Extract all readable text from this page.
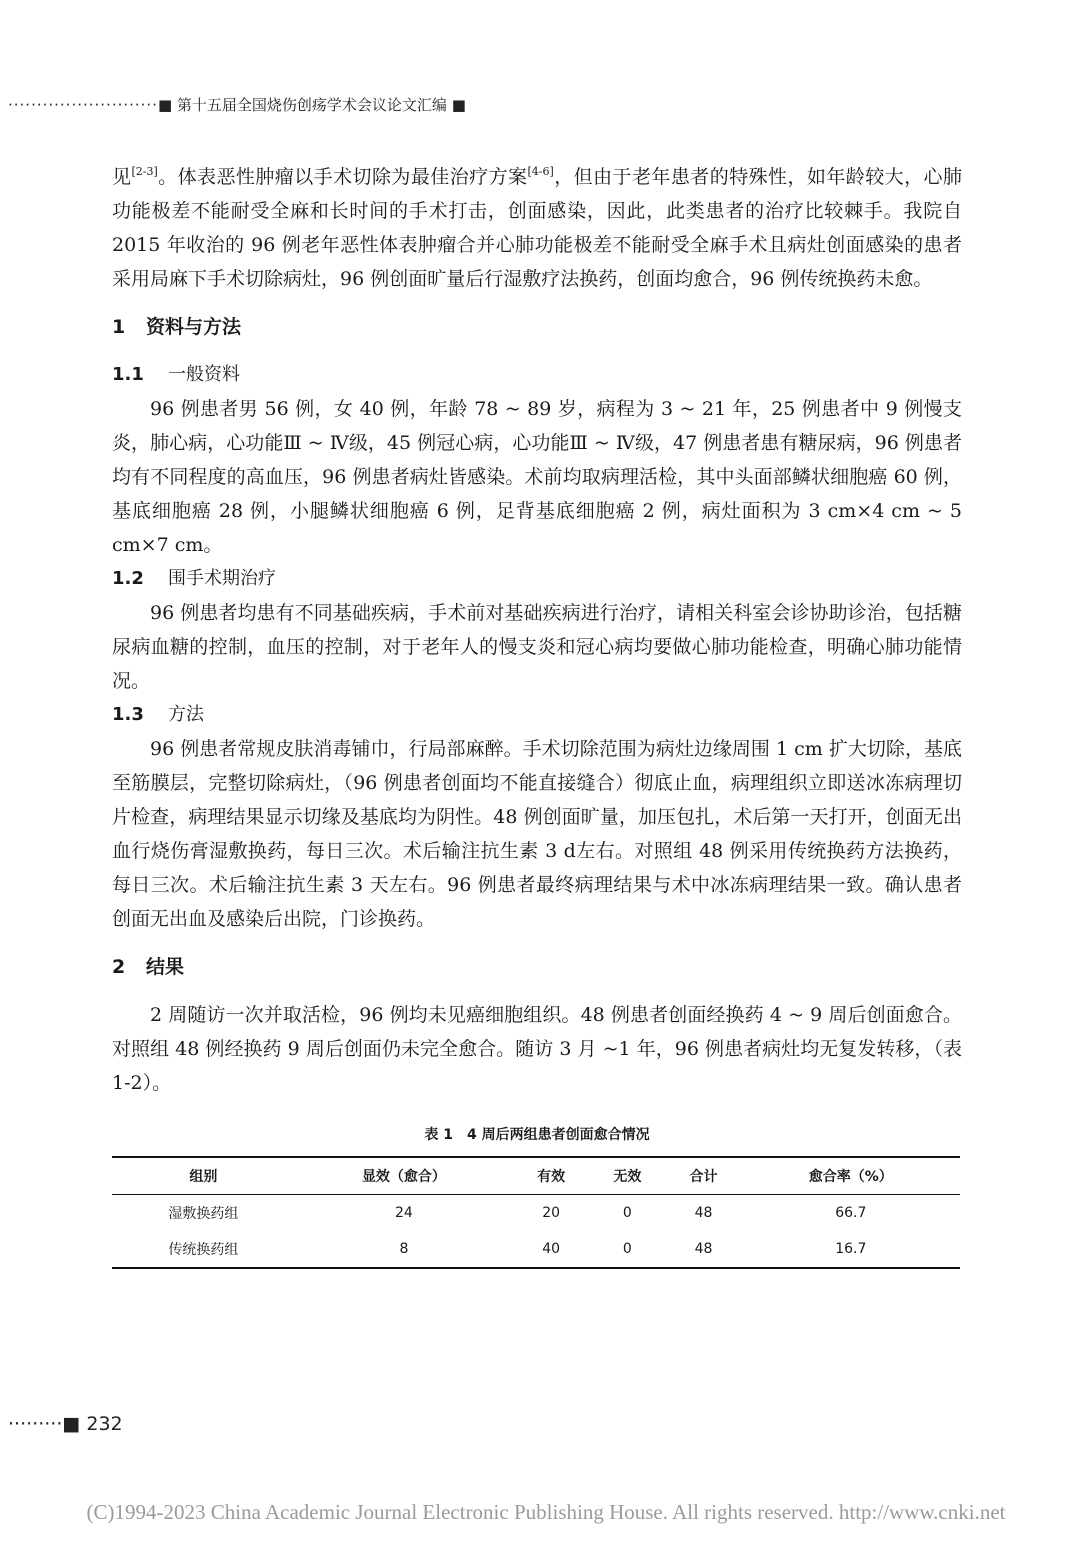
··························■ 第十五届全国烧伤创疡学术会议论文汇编 ■

见[2-3]。体表恶性肿瘤以手术切除为最佳治疗方案[4-6]，但由于老年患者的特殊性，如年龄较大，心肺功能极差不能耐受全麻和长时间的手术打击，创面感染，因此，此类患者的治疗比较棘手。我院自 2015 年收治的 96 例老年恶性体表肿瘤合并心肺功能极差不能耐受全麻手术且病灶创面感染的患者采用局麻下手术切除病灶，96 例创面旷量后行湿敷疗法换药，创面均愈合，96 例传统换药未愈。

1 资料与方法
1.1 一般资料

96 例患者男 56 例，女 40 例，年龄 78 ~ 89 岁，病程为 3 ~ 21 年，25 例患者中 9 例慢支炎，肺心病，心功能Ⅲ ~ Ⅳ级，45 例冠心病，心功能Ⅲ ~ Ⅳ级，47 例患者患有糖尿病，96 例患者均有不同程度的高血压，96 例患者病灶皆感染。术前均取病理活检，其中头面部鳞状细胞癌 60 例，基底细胞癌 28 例，小腿鳞状细胞癌 6 例，足背基底细胞癌 2 例，病灶面积为 3 cm×4 cm ~ 5 cm×7 cm。

1.2 围手术期治疗

96 例患者均患有不同基础疾病，手术前对基础疾病进行治疗，请相关科室会诊协助诊治，包括糖尿病血糖的控制，血压的控制，对于老年人的慢支炎和冠心病均要做心肺功能检查，明确心肺功能情况。

1.3 方法

96 例患者常规皮肤消毒铺巾，行局部麻醉。手术切除范围为病灶边缘周围 1 cm 扩大切除，基底至筋膜层，完整切除病灶，（96 例患者创面均不能直接缝合）彻底止血，病理组织立即送冰冻病理切片检查，病理结果显示切缘及基底均为阴性。48 例创面旷量，加压包扎，术后第一天打开，创面无出血行烧伤膏湿敷换药，每日三次。术后输注抗生素 3 d左右。对照组 48 例采用传统换药方法换药，每日三次。术后输注抗生素 3 天左右。96 例患者最终病理结果与术中冰冻病理结果一致。确认患者创面无出血及感染后出院，门诊换药。

2 结果

2 周随访一次并取活检，96 例均未见癌细胞组织。48 例患者创面经换药 4 ~ 9 周后创面愈合。对照组 48 例经换药 9 周后创面仍未完全愈合。随访 3 月 ~1 年，96 例患者病灶均无复发转移，（表 1-2）。

表 1　4 周后两组患者创面愈合情况
组别	显效（愈合）	有效	无效	合计	愈合率（%）
湿敷换药组	24	20	0	48	66.7
传统换药组	8	40	0	48	16.7
·········■ 232
(C)1994-2023 China Academic Journal Electronic Publishing House. All rights reserved. http://www.cnki.net
